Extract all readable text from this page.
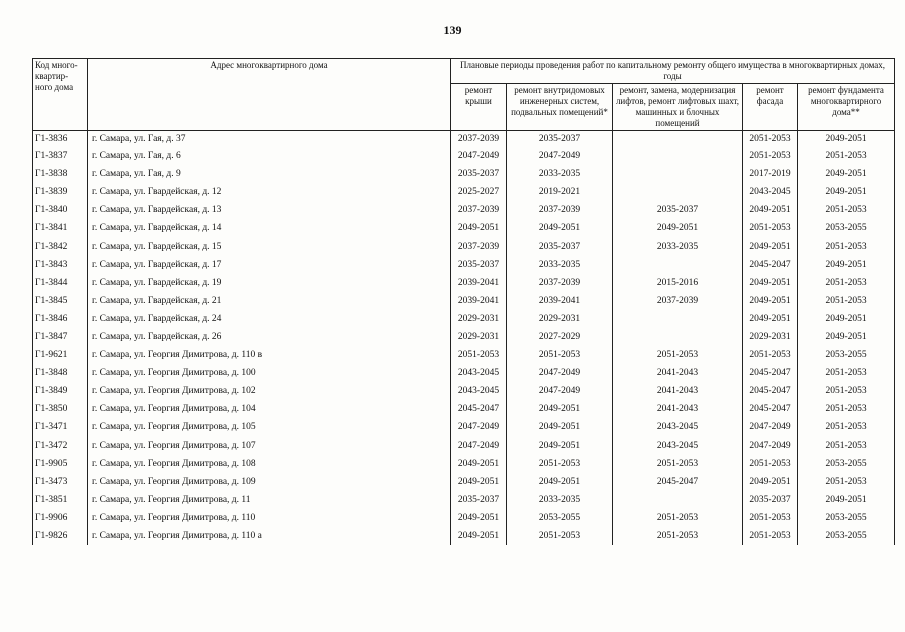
139
Код много-квартир-ного дома	Адрес многоквартирного дома	Плановые периоды проведения работ по капитальному ремонту общего имущества в многоквартирных домах, годы				
		ремонт крыши	ремонт внутридомовых инженерных систем, подвальных помещений*	ремонт, замена, модернизация лифтов, ремонт лифтовых шахт, машинных и блочных помещений	ремонт фасада	ремонт фундамента многоквартирного дома**
Г1-3836	г. Самара, ул. Гая, д. 37	2037-2039	2035-2037		2051-2053	2049-2051
Г1-3837	г. Самара, ул. Гая, д. 6	2047-2049	2047-2049		2051-2053	2051-2053
Г1-3838	г. Самара, ул. Гая, д. 9	2035-2037	2033-2035		2017-2019	2049-2051
Г1-3839	г. Самара, ул. Гвардейская, д. 12	2025-2027	2019-2021		2043-2045	2049-2051
Г1-3840	г. Самара, ул. Гвардейская, д. 13	2037-2039	2037-2039	2035-2037	2049-2051	2051-2053
Г1-3841	г. Самара, ул. Гвардейская, д. 14	2049-2051	2049-2051	2049-2051	2051-2053	2053-2055
Г1-3842	г. Самара, ул. Гвардейская, д. 15	2037-2039	2035-2037	2033-2035	2049-2051	2051-2053
Г1-3843	г. Самара, ул. Гвардейская, д. 17	2035-2037	2033-2035		2045-2047	2049-2051
Г1-3844	г. Самара, ул. Гвардейская, д. 19	2039-2041	2037-2039	2015-2016	2049-2051	2051-2053
Г1-3845	г. Самара, ул. Гвардейская, д. 21	2039-2041	2039-2041	2037-2039	2049-2051	2051-2053
Г1-3846	г. Самара, ул. Гвардейская, д. 24	2029-2031	2029-2031		2049-2051	2049-2051
Г1-3847	г. Самара, ул. Гвардейская, д. 26	2029-2031	2027-2029		2029-2031	2049-2051
Г1-9621	г. Самара, ул. Георгия Димитрова, д. 110 в	2051-2053	2051-2053	2051-2053	2051-2053	2053-2055
Г1-3848	г. Самара, ул. Георгия Димитрова, д. 100	2043-2045	2047-2049	2041-2043	2045-2047	2051-2053
Г1-3849	г. Самара, ул. Георгия Димитрова, д. 102	2043-2045	2047-2049	2041-2043	2045-2047	2051-2053
Г1-3850	г. Самара, ул. Георгия Димитрова, д. 104	2045-2047	2049-2051	2041-2043	2045-2047	2051-2053
Г1-3471	г. Самара, ул. Георгия Димитрова, д. 105	2047-2049	2049-2051	2043-2045	2047-2049	2051-2053
Г1-3472	г. Самара, ул. Георгия Димитрова, д. 107	2047-2049	2049-2051	2043-2045	2047-2049	2051-2053
Г1-9905	г. Самара, ул. Георгия Димитрова, д. 108	2049-2051	2051-2053	2051-2053	2051-2053	2053-2055
Г1-3473	г. Самара, ул. Георгия Димитрова, д. 109	2049-2051	2049-2051	2045-2047	2049-2051	2051-2053
Г1-3851	г. Самара, ул. Георгия Димитрова, д. 11	2035-2037	2033-2035		2035-2037	2049-2051
Г1-9906	г. Самара, ул. Георгия Димитрова, д. 110	2049-2051	2053-2055	2051-2053	2051-2053	2053-2055
Г1-9826	г. Самара, ул. Георгия Димитрова, д. 110 а	2049-2051	2051-2053	2051-2053	2051-2053	2053-2055
